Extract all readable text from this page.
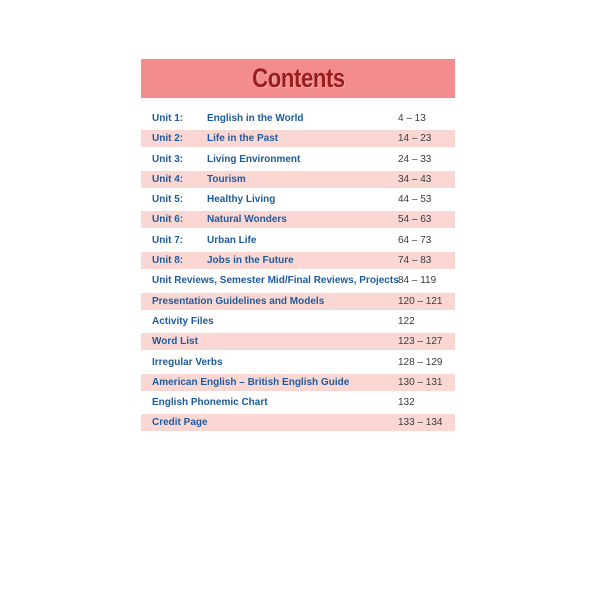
Contents
Unit 1: English in the World	4 – 13
Unit 2: Life in the Past	14 – 23
Unit 3: Living Environment	24 – 33
Unit 4: Tourism	34 – 43
Unit 5: Healthy Living	44 – 53
Unit 6: Natural Wonders	54 – 63
Unit 7: Urban Life	64 – 73
Unit 8: Jobs in the Future	74 – 83
Unit Reviews, Semester Mid/Final Reviews, Projects 84 – 119
Presentation Guidelines and Models	120 – 121
Activity Files	122
Word List	123 – 127
Irregular Verbs	128 – 129
American English – British English Guide	130 – 131
English Phonemic Chart	132
Credit Page	133 – 134
